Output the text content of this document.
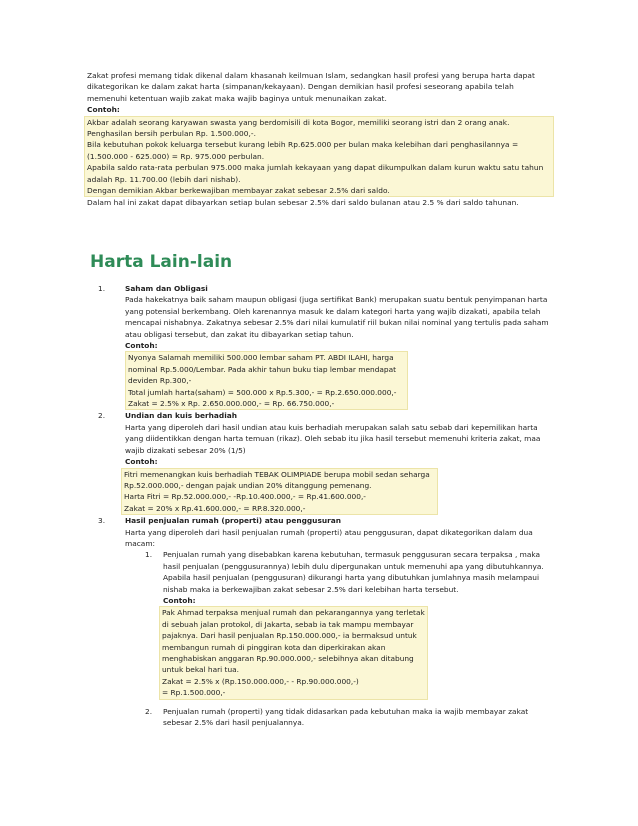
Zakat profesi memang tidak dikenal dalam khasanah keilmuan Islam, sedangkan hasil profesi yang berupa harta dapat dikategorikan ke dalam zakat harta (simpanan/kekayaan). Dengan demikian hasil profesi seseorang apabila telah memenuhi ketentuan wajib zakat maka wajib baginya untuk menunaikan zakat.

Contoh:

Akbar adalah seorang karyawan swasta yang berdomisili di kota Bogor, memiliki seorang istri dan 2 orang anak.

Penghasilan bersih perbulan Rp. 1.500.000,-.

Bila kebutuhan pokok keluarga tersebut kurang lebih Rp.625.000 per bulan maka kelebihan dari penghasilannya = (1.500.000 - 625.000) = Rp. 975.000 perbulan.

Apabila saldo rata-rata perbulan 975.000 maka jumlah kekayaan yang dapat dikumpulkan dalam kurun waktu satu tahun adalah Rp. 11.700.00 (lebih dari nishab).

Dengan demikian Akbar berkewajiban membayar zakat sebesar 2.5% dari saldo.

Dalam hal ini zakat dapat dibayarkan setiap bulan sebesar 2.5% dari saldo bulanan atau 2.5 % dari saldo tahunan.

Harta Lain-lain
1.	Saham dan Obligasi

Pada hakekatnya baik saham maupun obligasi (juga sertifikat Bank) merupakan suatu bentuk penyimpanan harta yang potensial berkembang. Oleh karenannya masuk ke dalam kategori harta yang wajib dizakati, apabila telah mencapai nishabnya. Zakatnya sebesar 2.5% dari nilai kumulatif riil bukan nilai nominal yang tertulis pada saham atau obligasi tersebut, dan zakat itu dibayarkan setiap tahun.

Contoh:

Nyonya Salamah memiliki 500.000 lembar saham PT. ABDI ILAHI, harga nominal Rp.5.000/Lembar. Pada akhir tahun buku tiap lembar mendapat deviden Rp.300,-

Total jumlah harta(saham) = 500.000 x Rp.5.300,- = Rp.2.650.000.000,-

Zakat = 2.5% x Rp. 2.650.000.000,- = Rp. 66.750.000,-

2.	Undian dan kuis berhadiah

Harta yang diperoleh dari hasil undian atau kuis berhadiah merupakan salah satu sebab dari kepemilikan harta yang diidentikkan dengan harta temuan (rikaz). Oleh sebab itu jika hasil tersebut memenuhi kriteria zakat, maa wajib dizakati sebesar 20% (1/5)

Contoh:

Fitri memenangkan kuis berhadiah TEBAK OLIMPIADE berupa mobil sedan seharga Rp.52.000.000,- dengan pajak undian 20% ditanggung pemenang.

Harta Fitri = Rp.52.000.000,- -Rp.10.400.000,- = Rp.41.600.000,-

Zakat = 20% x Rp.41.600.000,- = RP.8.320.000,-

3.	Hasil penjualan rumah (properti) atau penggusuran

Harta yang diperoleh dari hasil penjualan rumah (properti) atau penggusuran, dapat dikategorikan dalam dua macam:

1.	Penjualan rumah yang disebabkan karena kebutuhan, termasuk penggusuran secara terpaksa , maka hasil penjualan (penggusurannya) lebih dulu dipergunakan untuk memenuhi apa yang dibutuhkannya. Apabila hasil penjualan (penggusuran) dikurangi harta yang dibutuhkan jumlahnya masih melampaui nishab maka ia berkewajiban zakat sebesar 2.5% dari kelebihan harta tersebut.

Contoh:

Pak Ahmad terpaksa menjual rumah dan pekarangannya yang terletak di sebuah jalan protokol, di Jakarta, sebab ia tak mampu membayar pajaknya. Dari hasil penjualan Rp.150.000.000,- ia bermaksud untuk membangun rumah di pinggiran kota dan diperkirakan akan menghabiskan anggaran Rp.90.000.000,- selebihnya akan ditabung untuk bekal hari tua.

Zakat = 2.5% x (Rp.150.000.000,- - Rp.90.000.000,-)

= Rp.1.500.000,-

2.	Penjualan rumah (properti) yang tidak didasarkan pada kebutuhan maka ia wajib membayar zakat sebesar 2.5% dari hasil penjualannya.
